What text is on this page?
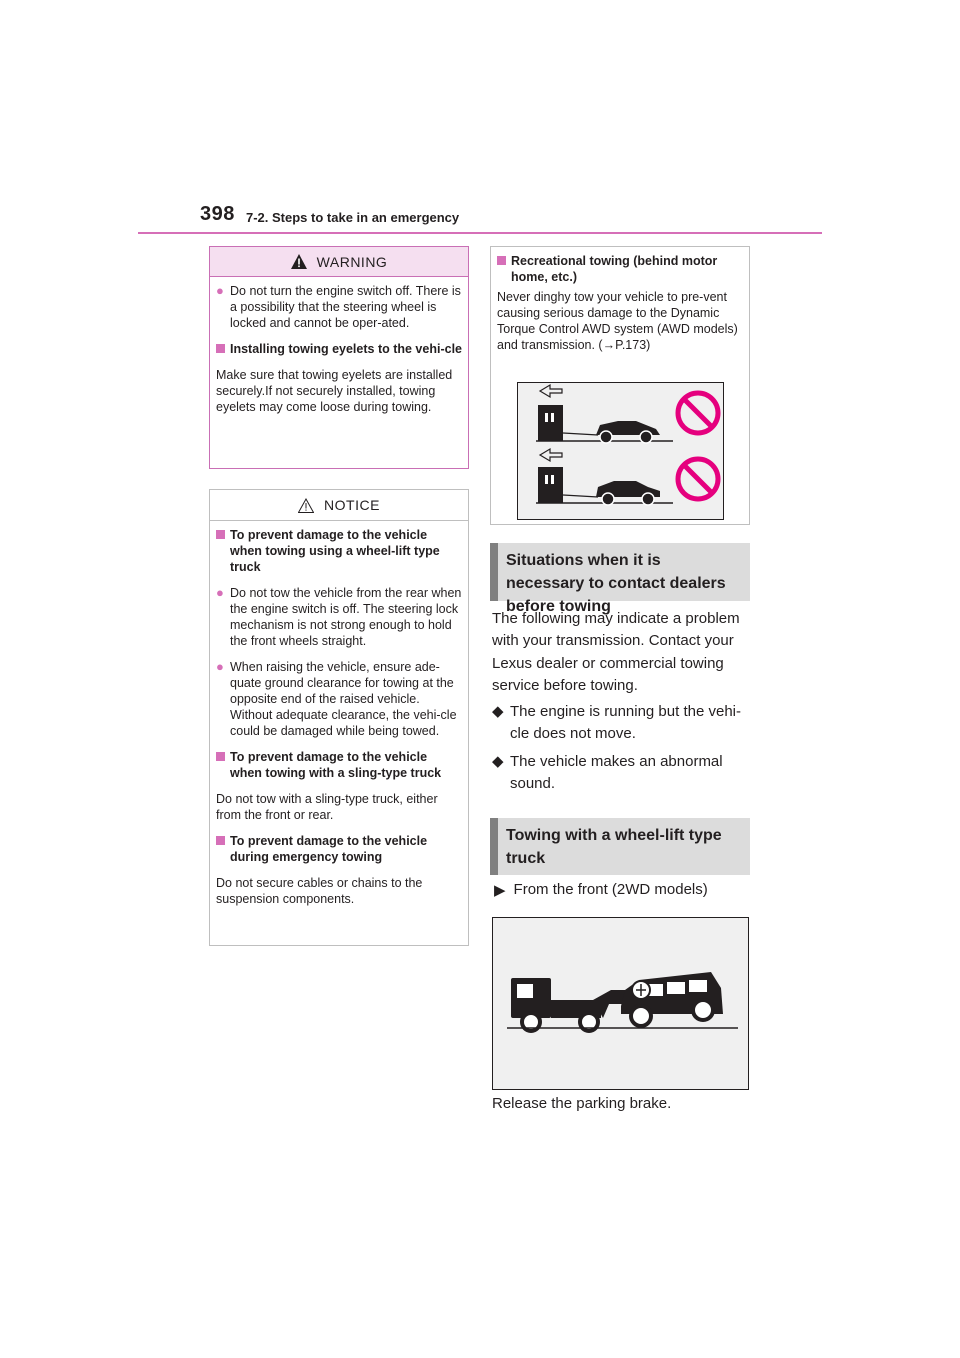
398 7-2. Steps to take in an emergency
WARNING
● Do not turn the engine switch off. There is a possibility that the steering wheel is locked and cannot be oper-ated.
Installing towing eyelets to the vehi-cle
Make sure that towing eyelets are installed securely.If not securely installed, towing eyelets may come loose during towing.
NOTICE
To prevent damage to the vehicle when towing using a wheel-lift type truck
● Do not tow the vehicle from the rear when the engine switch is off. The steering lock mechanism is not strong enough to hold the front wheels straight.
● When raising the vehicle, ensure ade-quate ground clearance for towing at the opposite end of the raised vehicle. Without adequate clearance, the vehi-cle could be damaged while being towed.
To prevent damage to the vehicle when towing with a sling-type truck
Do not tow with a sling-type truck, either from the front or rear.
To prevent damage to the vehicle during emergency towing
Do not secure cables or chains to the suspension components.
Recreational towing (behind motor home, etc.)
Never dinghy tow your vehicle to pre-vent causing serious damage to the Dynamic Torque Control AWD system (AWD models) and transmission. (→P.173)
Situations when it is necessary to contact dealers before towing
The following may indicate a problem with your transmission. Contact your Lexus dealer or commercial towing service before towing.
◆ The engine is running but the vehi-cle does not move.
◆ The vehicle makes an abnormal sound.
Towing with a wheel-lift type truck
▶ From the front (2WD models)
Release the parking brake.
